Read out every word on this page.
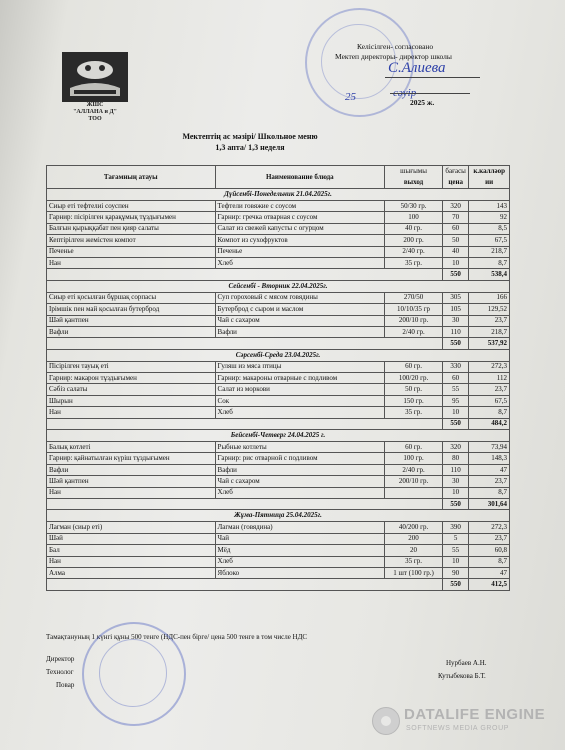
ЖШС
"АЛЛАНА и Д"
ТОО
Келісілген- согласовано
Мектеп директоры- директор школы
С.Алиева
25	сәуір
2025 ж.
Мектептің ас мәзірі/ Школьное меню
1,3 апта/ 1,3 неделя
Тағамның атауы	Наименование блюда	шығымы	бағасы	к.калләор
		выход	цена	ии
Дүйсенбі-Понедельник 21.04.2025г.				
Сиыр еті тефтелиі соуспен	Тефтели говяжие с соусом	50/30 гр.	320	143
Гарнир: пісірілген қарақұмық тұздығымен	Гарнир: гречка отварная с соусом	100	70	92
Балғын қырыққабат пен қияр салаты	Салат из свежей капусты с огурцом	40 гр.	60	8,5
Кептірілген жемістен компот	Компот из сухофруктов	200 гр.	50	67,5
Печенье	Печенье	2/40 гр.	40	218,7
Нан	Хлеб	35 гр.	10	8,7
			550	538,4
Сейсенбі - Вторник 22.04.2025г.				
Сиыр еті қосылған бұршақ сорпасы	Суп гороховый с мясом говядины	270/50	305	166
Ірімшік пен май қосылған бутерброд	Бутерброд с сыром и маслом	10/10/35 гр	105	129,52
Шәй қантпен	Чай с сахаром	200/10 гр.	30	23,7
Вафли	Вафли	2/40 гр.	110	218,7
			550	537,92
Сәрсенбі-Среда 23.04.2025г.				
Пісірілген тауық еті	Гуляш из мяса птицы	60 гр.	330	272,3
Гарнир: макарон тұздығымен	Гарнир: макароны отварные с подливом	100/20 гр.	60	112
Сәбіз салаты	Салат из моркови	50 гр.	55	23,7
Шырын	Сок	150 гр.	95	67,5
Нан	Хлеб	35 гр.	10	8,7
			550	484,2
Бейсенбі-Четверг 24.04.2025 г.				
Балық котлеті	Рыбные котлеты	60 гр.	320	73,94
Гарнир: қайнатылған күріш тұздығымен	Гарнир: рис отварной с подливом	100 гр.	80	148,3
Вафли	Вафли	2/40 гр.	110	47
Шәй қантпен	Чай с сахаром	200/10 гр.	30	23,7
Нан	Хлеб		10	8,7
			550	301,64
Жұма-Пятница 25.04.2025г.				
Лагман (сиыр еті)	Лагман (говядина)	40/200 гр.	390	272,3
Шәй	Чай	200	5	23,7
Бал	Мёд	20	55	60,8
Нан	Хлеб	35 гр.	10	8,7
Алма	Яблоко	1 шт (100 гр.)	90	47
			550	412,5
Тамақтануның 1 күнгі құны 500 тенге (НДС-пен бірге/ цена 500 тенге в том числе НДС
Директор
Технолог
Повар
Нурбаев А.Н.
Кутыбекова Б.Т.
DATALIFE ENGINE
SOFTNEWS MEDIA GROUP
